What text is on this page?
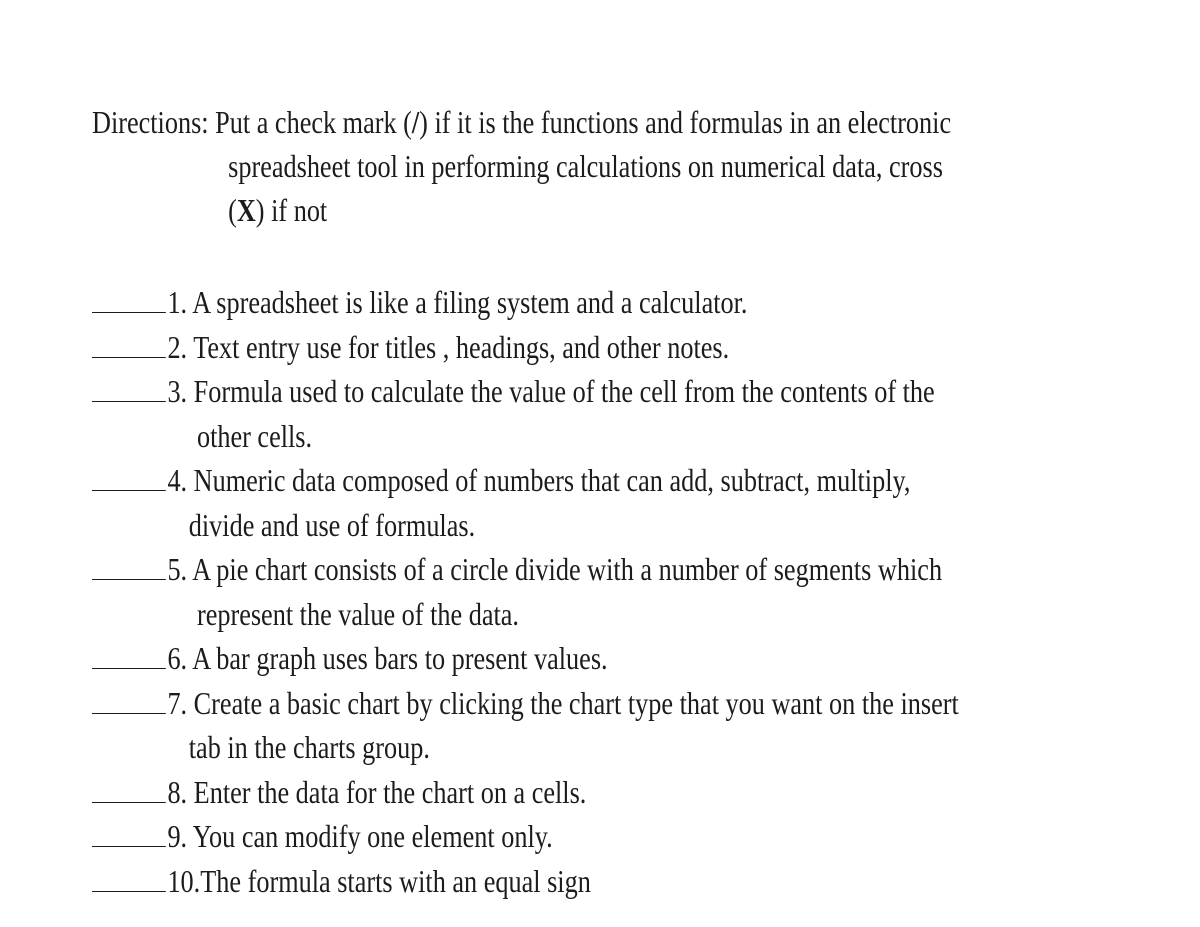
Directions: Put a check mark (/) if it is the functions and formulas in an electronic
spreadsheet tool in performing calculations on numerical data, cross
(X) if not
1. A spreadsheet is like a filing system and a calculator.
2. Text entry use for titles , headings, and other notes.
3. Formula used to calculate the value of the cell from the contents of the
other cells.
4. Numeric data composed of numbers that can add, subtract, multiply,
divide and use of formulas.
5. A pie chart consists of a circle divide with a number of segments which
represent the value of the data.
6. A bar graph uses bars to present values.
7. Create a basic chart by clicking the chart type that you want on the insert
tab in the charts group.
8. Enter the data for the chart on a cells.
9. You can modify one element only.
10.The formula starts with an equal sign
